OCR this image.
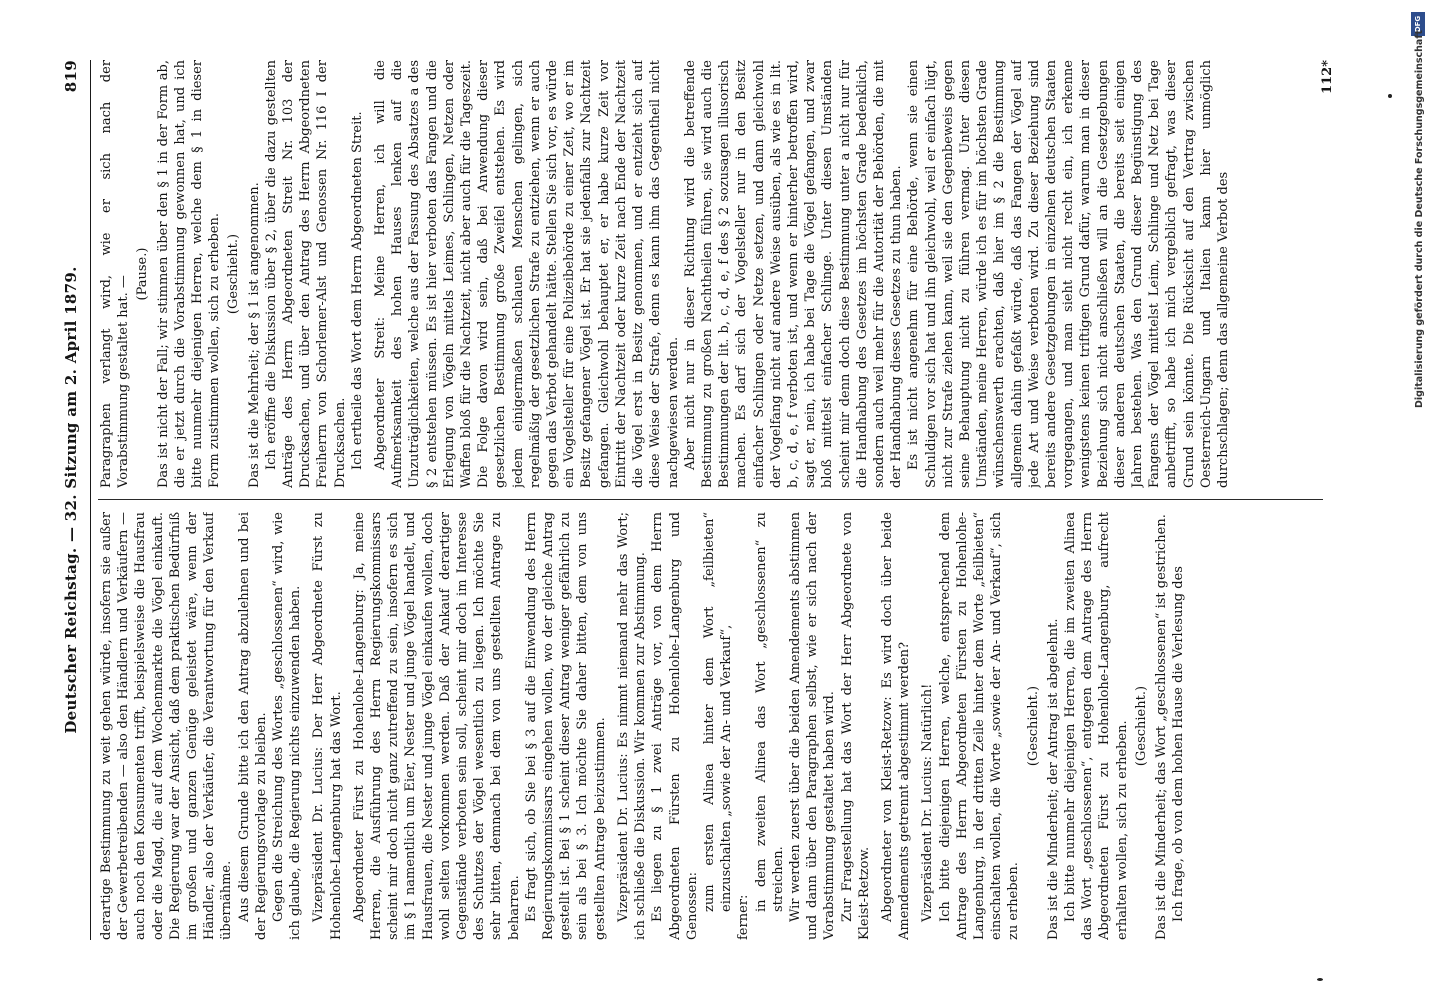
Deutscher Reichstag. — 32. Sitzung am 2. April 1879.
819

derartige Bestimmung zu weit gehen würde, insofern sie außer der Gewerbetreibenden — also den Händlern und Verkäufern — auch noch den Konsumenten trifft, beispielsweise die Hausfrau oder die Magd, die auf dem Wochenmarkte die Vögel einkauft. Die Regierung war der Ansicht, daß dem praktischen Bedürfniß im großen und ganzen Genüge geleistet wäre, wenn der Händler, also der Verkäufer, die Verantwortung für den Verkauf übernähme. Aus diesem Grunde bitte ich den Antrag abzulehnen und bei der Regierungsvorlage zu bleiben. Gegen die Streichung des Wortes „geschlossenen“ wird, wie ich glaube, die Regierung nichts einzuwenden haben. Vizepräsident Dr. Lucius: Der Herr Abgeordnete Fürst zu Hohenlohe-Langenburg hat das Wort. Abgeordneter Fürst zu Hohenlohe-Langenburg: Ja, meine Herren, die Ausführung des Herrn Regierungskommissars scheint mir doch nicht ganz zutreffend zu sein, insofern es sich im § 1 namentlich um Eier, Nester und junge Vögel handelt, und Hausfrauen, die Nester und junge Vögel einkaufen wollen, doch wohl selten vorkommen werden. Daß der Ankauf derartiger Gegenstände verboten sein soll, scheint mir doch im Interesse des Schutzes der Vögel wesentlich zu liegen. Ich möchte Sie sehr bitten, demnach bei dem von uns gestellten Antrage zu beharren. Es fragt sich, ob Sie bei § 3 auf die Einwendung des Herrn Regierungskommissars eingehen wollen, wo der gleiche Antrag gestellt ist. Bei § 1 scheint dieser Antrag weniger gefährlich zu sein als bei § 3. Ich möchte Sie daher bitten, dem von uns gestellten Antrage beizustimmen. Vizepräsident Dr. Lucius: Es nimmt niemand mehr das Wort; ich schließe die Diskussion. Wir kommen zur Abstimmung. Es liegen zu § 1 zwei Anträge vor, von dem Herrn Abgeordneten Fürsten zu Hohenlohe-Langenburg und Genossen: zum ersten Alinea hinter dem Wort „feilbieten“ einzuschalten „sowie der An- und Verkauf“,

ferner:

in dem zweiten Alinea das Wort „geschlossenen“ zu streichen. Wir werden zuerst über die beiden Amendements abstimmen und dann über den Paragraphen selbst, wie er sich nach der Vorabstimmung gestaltet haben wird. Zur Fragestellung hat das Wort der Herr Abgeordnete von Kleist-Retzow. Abgeordneter von Kleist-Retzow: Es wird doch über beide Amendements getrennt abgestimmt werden? Vizepräsident Dr. Lucius: Natürlich! Ich bitte diejenigen Herren, welche, entsprechend dem Antrage des Herrn Abgeordneten Fürsten zu Hohenlohe-Langenburg, in der dritten Zeile hinter dem Worte „feilbieten“ einschalten wollen, die Worte „sowie der An- und Verkauf“, sich zu erheben.

(Geschieht.) Das ist die Minderheit; der Antrag ist abgelehnt. Ich bitte nunmehr diejenigen Herren, die im zweiten Alinea das Wort „geschlossenen“, entgegen dem Antrage des Herrn Abgeordneten Fürst zu Hohenlohe-Langenburg, aufrecht erhalten wollen, sich zu erheben. (Geschieht.) Das ist die Minderheit; das Wort „geschlossenen“ ist gestrichen. Ich frage, ob von dem hohen Hause die Verlesung des

Paragraphen verlangt wird, wie er sich nach der Vorabstimmung gestaltet hat. —

(Pause.) Das ist nicht der Fall; wir stimmen über den § 1 in der Form ab, die er jetzt durch die Vorabstimmung gewonnen hat, und ich bitte nunmehr diejenigen Herren, welche dem § 1 in dieser Form zustimmen wollen, sich zu erheben. (Geschieht.) Das ist die Mehrheit; der § 1 ist angenommen. Ich eröffne die Diskussion über § 2, über die dazu gestellten Anträge des Herrn Abgeordneten Streit Nr. 103 der Drucksachen, und über den Antrag des Herrn Abgeordneten Freiherrn von Schorlemer-Alst und Genossen Nr. 116 I der Drucksachen. Ich ertheile das Wort dem Herrn Abgeordneten Streit. Abgeordneter Streit: Meine Herren, ich will die Aufmerksamkeit des hohen Hauses lenken auf die Unzuträglichkeiten, welche aus der Fassung des Absatzes a des § 2 entstehen müssen. Es ist hier verboten das Fangen und die Erlegung von Vögeln mittels Leimes, Schlingen, Netzen oder Waffen bloß für die Nachtzeit, nicht aber auch für die Tageszeit. Die Folge davon wird sein, daß bei Anwendung dieser gesetzlichen Bestimmung große Zweifel entstehen. Es wird jedem einigermaßen schlauen Menschen gelingen, sich regelmäßig der gesetzlichen Strafe zu entziehen, wenn er auch gegen das Verbot gehandelt hätte. Stellen Sie sich vor, es würde ein Vogelsteller für eine Polizeibehörde zu einer Zeit, wo er im Besitz gefangener Vögel ist. Er hat sie jedenfalls zur Nachtzeit gefangen. Gleichwohl behauptet er, er habe kurze Zeit vor Eintritt der Nachtzeit oder kurze Zeit nach Ende der Nachtzeit die Vögel erst in Besitz genommen, und er entzieht sich auf diese Weise der Strafe, denn es kann ihm das Gegentheil nicht nachgewiesen werden. Aber nicht nur in dieser Richtung wird die betreffende Bestimmung zu großen Nachtheilen führen, sie wird auch die Bestimmungen der lit. b, c, d, e, f des § 2 sozusagen illusorisch machen. Es darf sich der Vogelsteller nur in den Besitz einfacher Schlingen oder Netze setzen, und dann gleichwohl der Vogelfang nicht auf andere Weise ausüben, als wie es in lit. b, c, d, e, f verboten ist, und wenn er hinterher betroffen wird, sagt er, nein, ich habe bei Tage die Vögel gefangen, und zwar bloß mittelst einfacher Schlinge. Unter diesen Umständen scheint mir denn doch diese Bestimmung unter a nicht nur für die Handhabung des Gesetzes im höchsten Grade bedenklich, sondern auch weil mehr für die Autorität der Behörden, die mit der Handhabung dieses Gesetzes zu thun haben. Es ist nicht angenehm für eine Behörde, wenn sie einen Schuldigen vor sich hat und ihn gleichwohl, weil er einfach lügt, nicht zur Strafe ziehen kann, weil sie den Gegenbeweis gegen seine Behauptung nicht zu führen vermag. Unter diesen Umständen, meine Herren, würde ich es für im höchsten Grade wünschenswerth erachten, daß hier im § 2 die Bestimmung allgemein dahin gefaßt würde, daß das Fangen der Vögel auf jede Art und Weise verboten wird. Zu dieser Beziehung sind bereits andere Gesetzgebungen in einzelnen deutschen Staaten vorgegangen, und man sieht nicht recht ein, ich erkenne wenigstens keinen triftigen Grund dafür, warum man in dieser Beziehung sich nicht anschließen will an die Gesetzgebungen dieser anderen deutschen Staaten, die bereits seit einigen Jahren bestehen. Was den Grund dieser Begünstigung des Fangens der Vögel mittelst Leim, Schlinge und Netz bei Tage anbetrifft, so habe ich mich vergeblich gefragt, was dieser Grund sein könnte. Die Rücksicht auf den Vertrag zwischen Oesterreich-Ungarn und Italien kann hier unmöglich durchschlagen; denn das allgemeine Verbot des

112*
DFG
Digitalisierung gefördert durch die Deutsche Forschungsgemeinschaft
